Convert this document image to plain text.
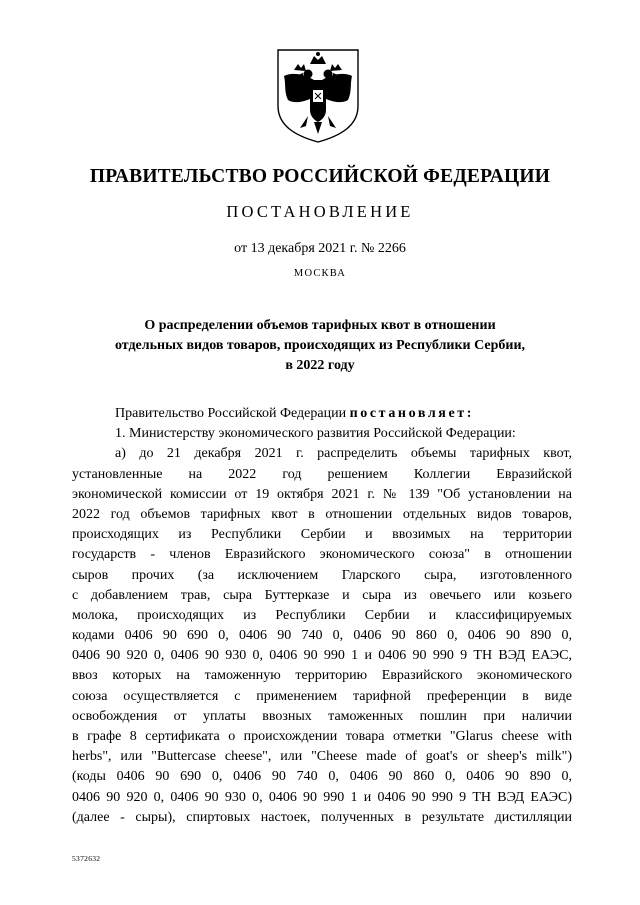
ПРАВИТЕЛЬСТВО РОССИЙСКОЙ ФЕДЕРАЦИИ
ПОСТАНОВЛЕНИЕ
от 13 декабря 2021 г. № 2266
МОСКВА
О распределении объемов тарифных квот в отношении
отдельных видов товаров, происходящих из Республики Сербии,
в 2022 году
Правительство Российской Федерации постановляет:
1. Министерству экономического развития Российской Федерации:
а) до 21 декабря 2021 г. распределить объемы тарифных квот,
установленные на 2022 год решением Коллегии Евразийской
экономической комиссии от 19 октября 2021 г. № 139 "Об установлении на
2022 год объемов тарифных квот в отношении отдельных видов товаров,
происходящих из Республики Сербии и ввозимых на территории
государств - членов Евразийского экономического союза" в отношении
сыров прочих (за исключением Гларского сыра, изготовленного
с добавлением трав, сыра Буттерказе и сыра из овечьего или козьего
молока, происходящих из Республики Сербии и классифицируемых
кодами 0406 90 690 0, 0406 90 740 0, 0406 90 860 0, 0406 90 890 0,
0406 90 920 0, 0406 90 930 0, 0406 90 990 1 и 0406 90 990 9 ТН ВЭД ЕАЭС,
ввоз которых на таможенную территорию Евразийского экономического
союза осуществляется с применением тарифной преференции в виде
освобождения от уплаты ввозных таможенных пошлин при наличии
в графе 8 сертификата о происхождении товара отметки "Glarus cheese with
herbs", или "Buttercase cheese", или "Cheese made of goat's or sheep's milk")
(коды 0406 90 690 0, 0406 90 740 0, 0406 90 860 0, 0406 90 890 0,
0406 90 920 0, 0406 90 930 0, 0406 90 990 1 и 0406 90 990 9 ТН ВЭД ЕАЭС)
(далее - сыры), спиртовых настоек, полученных в результате дистилляции
5372632
